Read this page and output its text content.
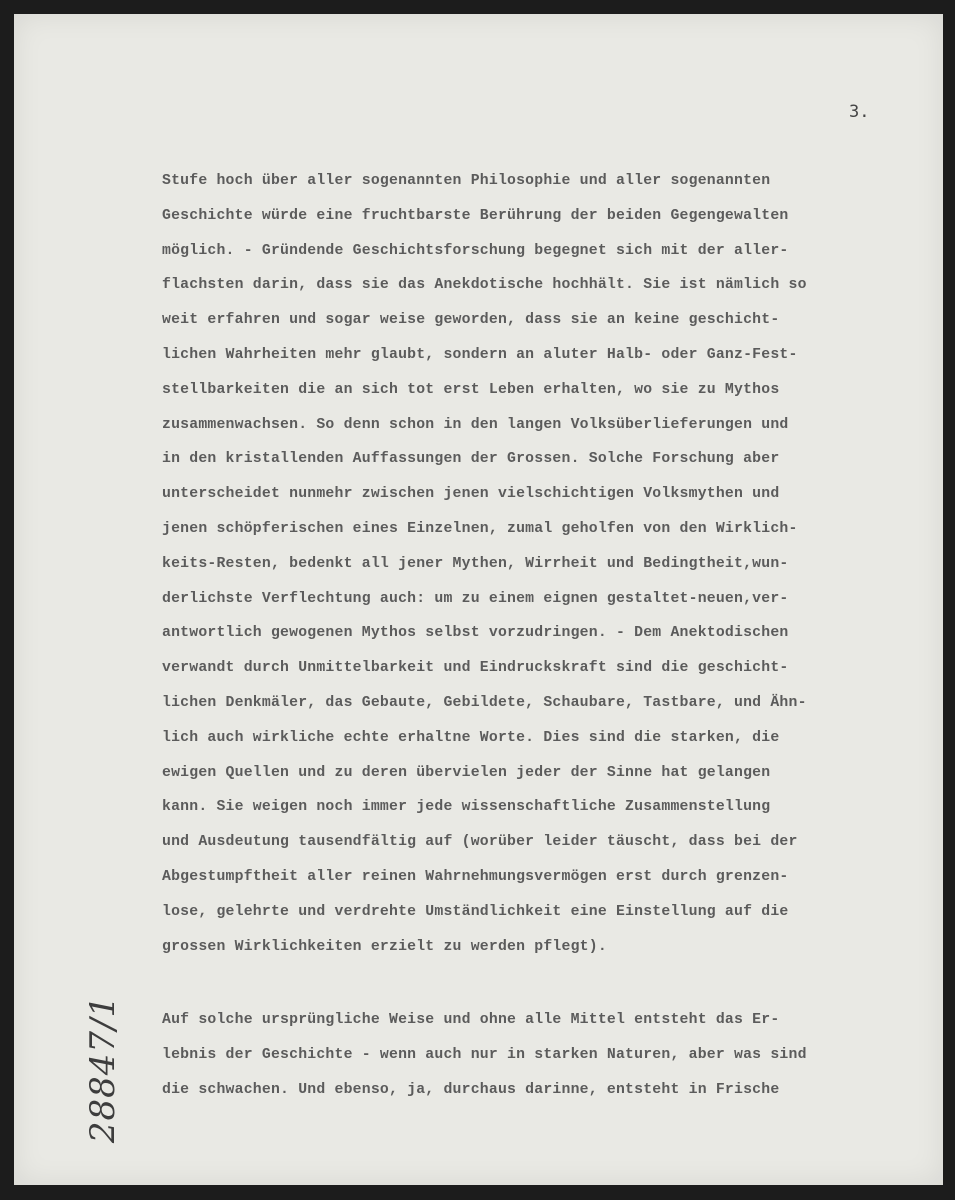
3.

Stufe hoch über aller sogenannten Philosophie und aller sogenannten
Geschichte würde eine fruchtbarste Berührung der beiden Gegengewalten
möglich. - Gründende Geschichtsforschung begegnet sich mit der aller-
flachsten darin, dass sie das Anekdotische hochhält. Sie ist nämlich so
weit erfahren und sogar weise geworden, dass sie an keine geschicht-
lichen Wahrheiten mehr glaubt, sondern an aluter Halb- oder Ganz-Fest-
stellbarkeiten die an sich tot erst Leben erhalten, wo sie zu Mythos
zusammenwachsen. So denn schon in den langen Volksüberlieferungen und
in den kristallenden Auffassungen der Grossen. Solche Forschung aber
unterscheidet nunmehr zwischen jenen vielschichtigen Volksmythen und
jenen schöpferischen eines Einzelnen, zumal geholfen von den Wirklich-
keits-Resten, bedenkt all jener Mythen, Wirrheit und Bedingtheit,wun-
derlichste Verflechtung auch: um zu einem eignen gestaltet-neuen,ver-
antwortlich gewogenen Mythos selbst vorzudringen. - Dem Anektodischen
verwandt durch Unmittelbarkeit und Eindruckskraft sind die geschicht-
lichen Denkmäler, das Gebaute, Gebildete, Schaubare, Tastbare, und Ähn-
lich auch wirkliche echte erhaltne Worte. Dies sind die starken, die
ewigen Quellen und zu deren übervielen jeder der Sinne hat gelangen
kann. Sie weigen noch immer jede wissenschaftliche Zusammenstellung
und Ausdeutung tausendfältig auf (worüber leider täuscht, dass bei der
Abgestumpftheit aller reinen Wahrnehmungsvermögen erst durch grenzen-
lose, gelehrte und verdrehte Umständlichkeit eine Einstellung auf die
grossen Wirklichkeiten erzielt zu werden pflegt).
Auf solche ursprüngliche Weise und ohne alle Mittel entsteht das Er-
lebnis der Geschichte - wenn auch nur in starken Naturen, aber was sind
die schwachen. Und ebenso, ja, durchaus darinne, entsteht in Frische
28847/1
